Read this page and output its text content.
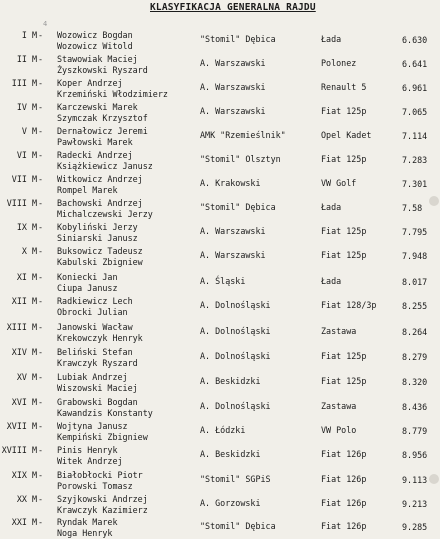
KLASYFIKACJA GENERALNA RAJDU
4
I M - Wozowicz Bogdan
Wozowicz Witold
"Stomil" Dębica	Łada	6.630
II M - Stawowiak Maciej
Żyszkowski Ryszard
A. Warszawski	Polonez	6.641
III M - Koper Andrzej
Krzemiński Włodzimierz
A. Warszawski	Renault 5	6.961
IV M - Karczewski Marek
Szymczak Krzysztof
A. Warszawski	Fiat 125p	7.065
V M - Dernałowicz Jeremi
Pawłowski Marek
AMK "Rzemieślnik"	Opel Kadet	7.114
VI M - Radecki Andrzej
Książkiewicz Janusz
"Stomil" Olsztyn	Fiat 125p	7.283
VII M - Witkowicz Andrzej
Rompel Marek
A. Krakowski	VW Golf	7.301
VIII M - Bachowski Andrzej
Michalczewski Jerzy
"Stomil" Dębica	Łada	7.58
IX M - Kobyliński Jerzy
Siniarski Janusz
A. Warszawski	Fiat 125p	7.795
X M - Buksowicz Tadeusz
Kabulski Zbigniew
A. Warszawski	Fiat 125p	7.948
XI M - Koniecki Jan
Ciupa Janusz
A. Śląski	Łada	8.017
XII M - Radkiewicz Lech
Obrocki Julian
A. Dolnośląski	Fiat 128/3p	8.255
XIII M - Janowski Wacław
Krekowczyk Henryk
A. Dolnośląski	Zastawa	8.264
XIV M - Beliński Stefan
Krawczyk Ryszard
A. Dolnośląski	Fiat 125p	8.279
XV M - Lubiak Andrzej
Wiszowski Maciej
A. Beskidzki	Fiat 125p	8.320
XVI M - Grabowski Bogdan
Kawandzis Konstanty
A. Dolnośląski	Zastawa	8.436
XVII M - Wojtyna Janusz
Kempiński Zbigniew
A. Łódzki	VW Polo	8.779
XVIII M - Pinis Henryk
Witek Andrzej
A. Beskidzki	Fiat 126p	8.956
XIX M - Białobłocki Piotr
Porowski Tomasz
"Stomil" SGPiS	Fiat 126p	9.113
XX M - Szyjkowski Andrzej
Krawczyk Kazimierz
A. Gorzowski	Fiat 126p	9.213
XXI M - Ryndak Marek
Noga Henryk
"Stomil" Dębica	Fiat 126p	9.285
